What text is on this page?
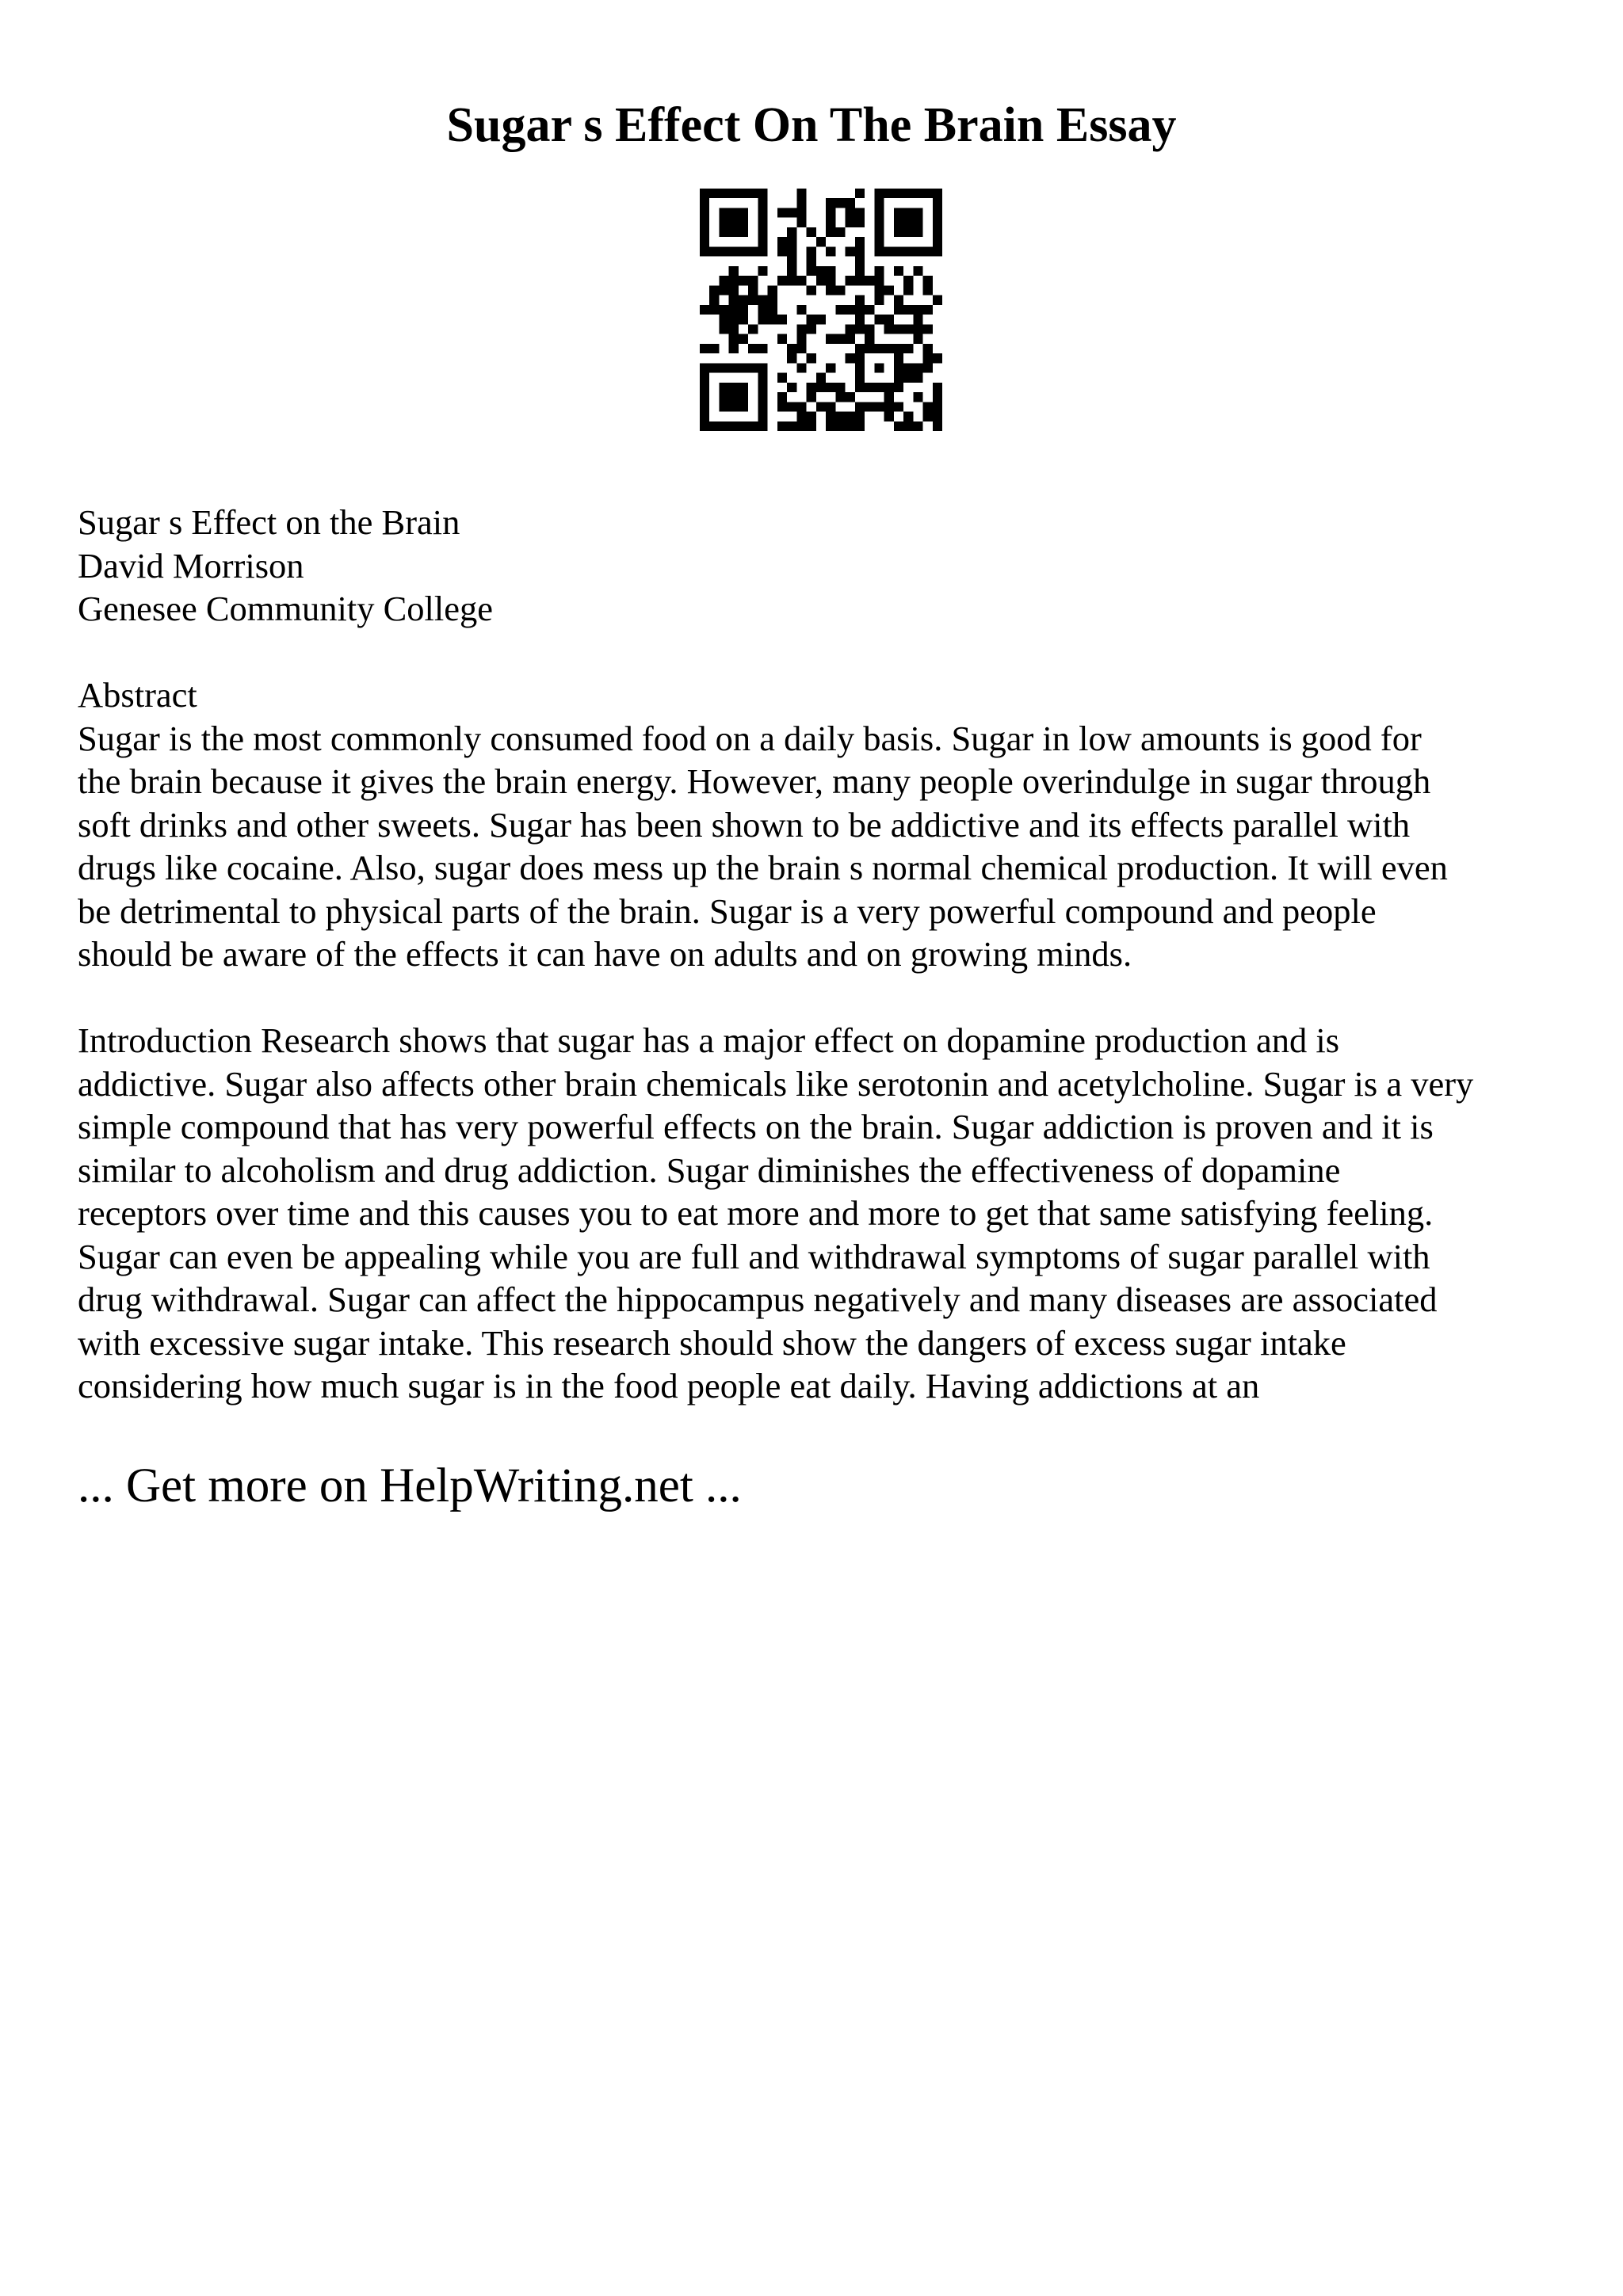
Sugar s Effect On The Brain Essay
Sugar s Effect on the Brain
David Morrison
Genesee Community College
Abstract
Sugar is the most commonly consumed food on a daily basis. Sugar in low amounts is good for
the brain because it gives the brain energy. However, many people overindulge in sugar through
soft drinks and other sweets. Sugar has been shown to be addictive and its effects parallel with
drugs like cocaine. Also, sugar does mess up the brain s normal chemical production. It will even
be detrimental to physical parts of the brain. Sugar is a very powerful compound and people
should be aware of the effects it can have on adults and on growing minds.
Introduction Research shows that sugar has a major effect on dopamine production and is
addictive. Sugar also affects other brain chemicals like serotonin and acetylcholine. Sugar is a very
simple compound that has very powerful effects on the brain. Sugar addiction is proven and it is
similar to alcoholism and drug addiction. Sugar diminishes the effectiveness of dopamine
receptors over time and this causes you to eat more and more to get that same satisfying feeling.
Sugar can even be appealing while you are full and withdrawal symptoms of sugar parallel with
drug withdrawal. Sugar can affect the hippocampus negatively and many diseases are associated
with excessive sugar intake. This research should show the dangers of excess sugar intake
considering how much sugar is in the food people eat daily. Having addictions at an

... Get more on HelpWriting.net ...
